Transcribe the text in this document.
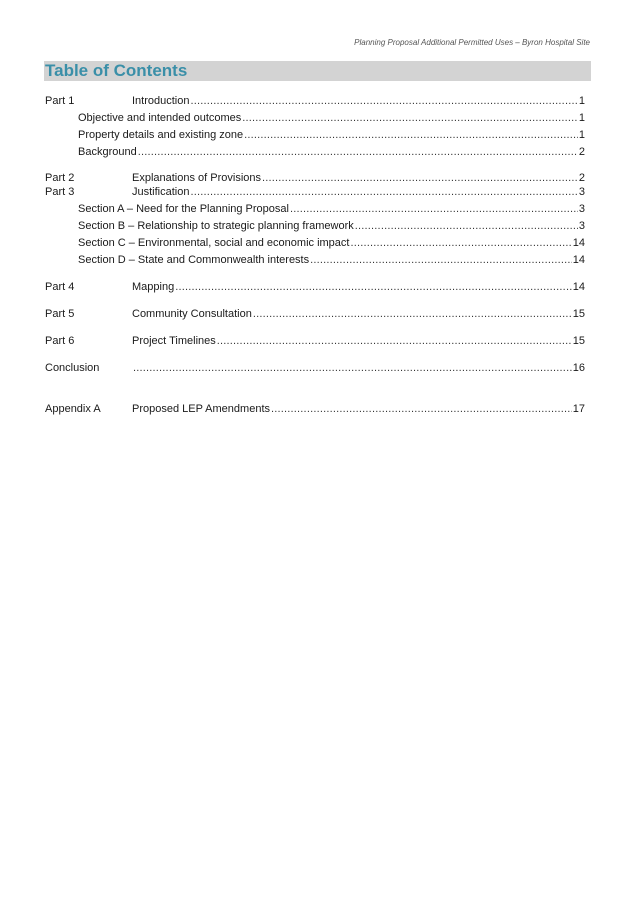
Planning Proposal Additional Permitted Uses – Byron Hospital Site
Table of Contents
Part 1	Introduction .....	1
Objective and intended outcomes .....	1
Property details and existing zone .....	1
Background .....	2
Part 2	Explanations of Provisions .....	2
Part 3	Justification .....	3
Section A – Need for the Planning Proposal .....	3
Section B – Relationship to strategic planning framework .....	3
Section C – Environmental, social and economic impact .....	14
Section D – State and Commonwealth interests .....	14
Part 4	Mapping .....	14
Part 5	Community Consultation .....	15
Part 6	Project Timelines .....	15
Conclusion .....	16
Appendix A	Proposed LEP Amendments .....	17
